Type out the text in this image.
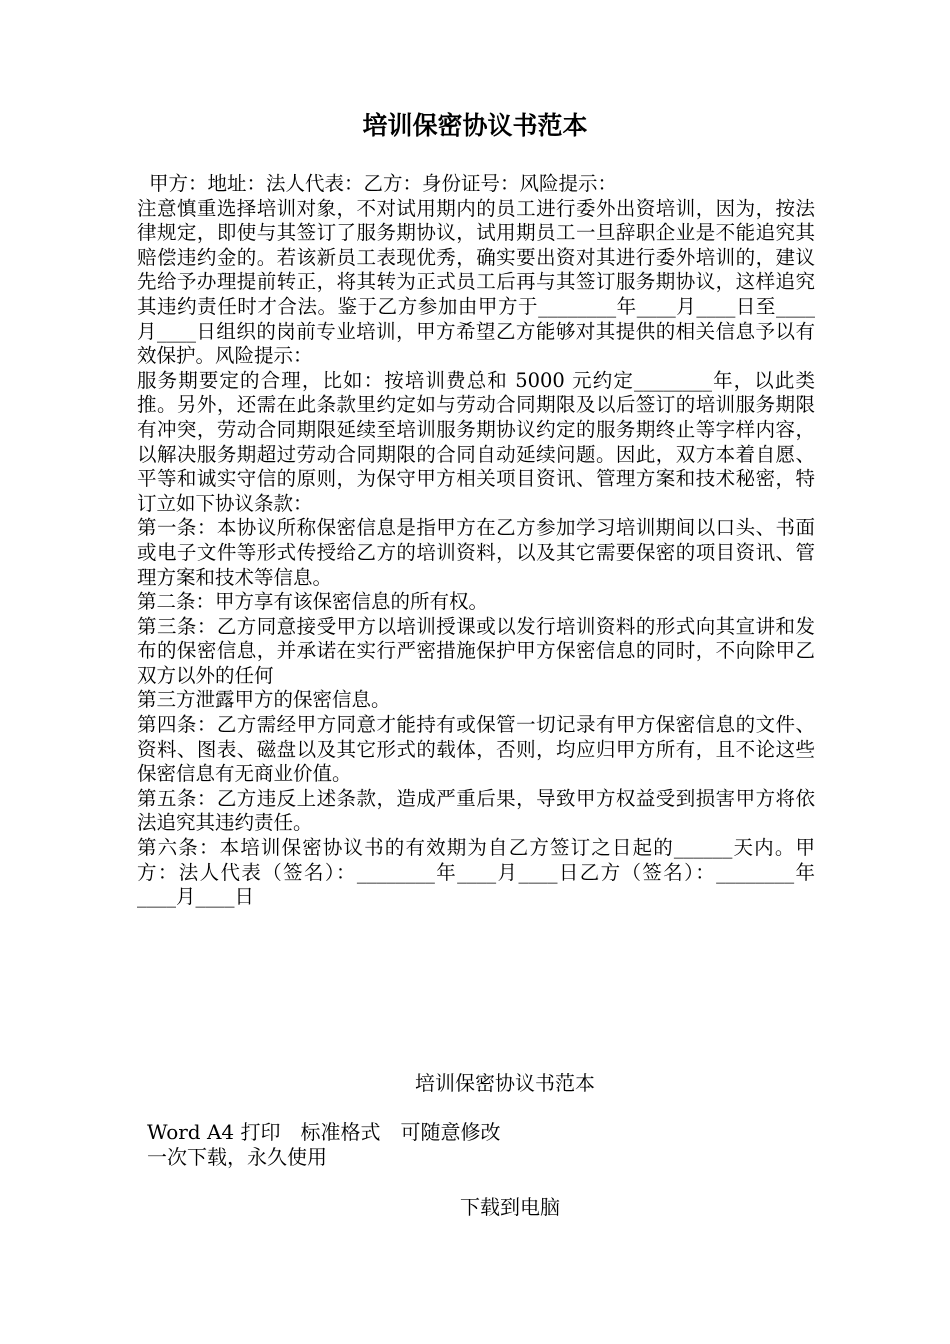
培训保密协议书范本

甲方：地址：法人代表：乙方：身份证号：风险提示：

注意慎重选择培训对象，不对试用期内的员工进行委外出资培训，因为，按法律规定，即使与其签订了服务期协议，试用期员工一旦辞职企业是不能追究其赔偿违约金的。若该新员工表现优秀，确实要出资对其进行委外培训的，建议先给予办理提前转正，将其转为正式员工后再与其签订服务期协议，这样追究其违约责任时才合法。鉴于乙方参加由甲方于________年____月____日至____月____日组织的岗前专业培训，甲方希望乙方能够对其提供的相关信息予以有效保护。风险提示：

服务期要定的合理，比如：按培训费总和 5000 元约定________年，以此类推。另外，还需在此条款里约定如与劳动合同期限及以后签订的培训服务期限有冲突，劳动合同期限延续至培训服务期协议约定的服务期终止等字样内容，以解决服务期超过劳动合同期限的合同自动延续问题。因此，双方本着自愿、平等和诚实守信的原则，为保守甲方相关项目资讯、管理方案和技术秘密，特订立如下协议条款：

第一条：本协议所称保密信息是指甲方在乙方参加学习培训期间以口头、书面或电子文件等形式传授给乙方的培训资料，以及其它需要保密的项目资讯、管理方案和技术等信息。

第二条：甲方享有该保密信息的所有权。

第三条：乙方同意接受甲方以培训授课或以发行培训资料的形式向其宣讲和发布的保密信息，并承诺在实行严密措施保护甲方保密信息的同时，不向除甲乙双方以外的任何

第三方泄露甲方的保密信息。

第四条：乙方需经甲方同意才能持有或保管一切记录有甲方保密信息的文件、资料、图表、磁盘以及其它形式的载体，否则，均应归甲方所有，且不论这些保密信息有无商业价值。

第五条：乙方违反上述条款，造成严重后果，导致甲方权益受到损害甲方将依法追究其违约责任。

第六条：本培训保密协议书的有效期为自乙方签订之日起的______天内。甲方：法人代表（签名）：________年____月____日乙方（签名）：________年____月____日

培训保密协议书范本

Word A4 打印　标准格式　可随意修改

一次下载，永久使用

下载到电脑
